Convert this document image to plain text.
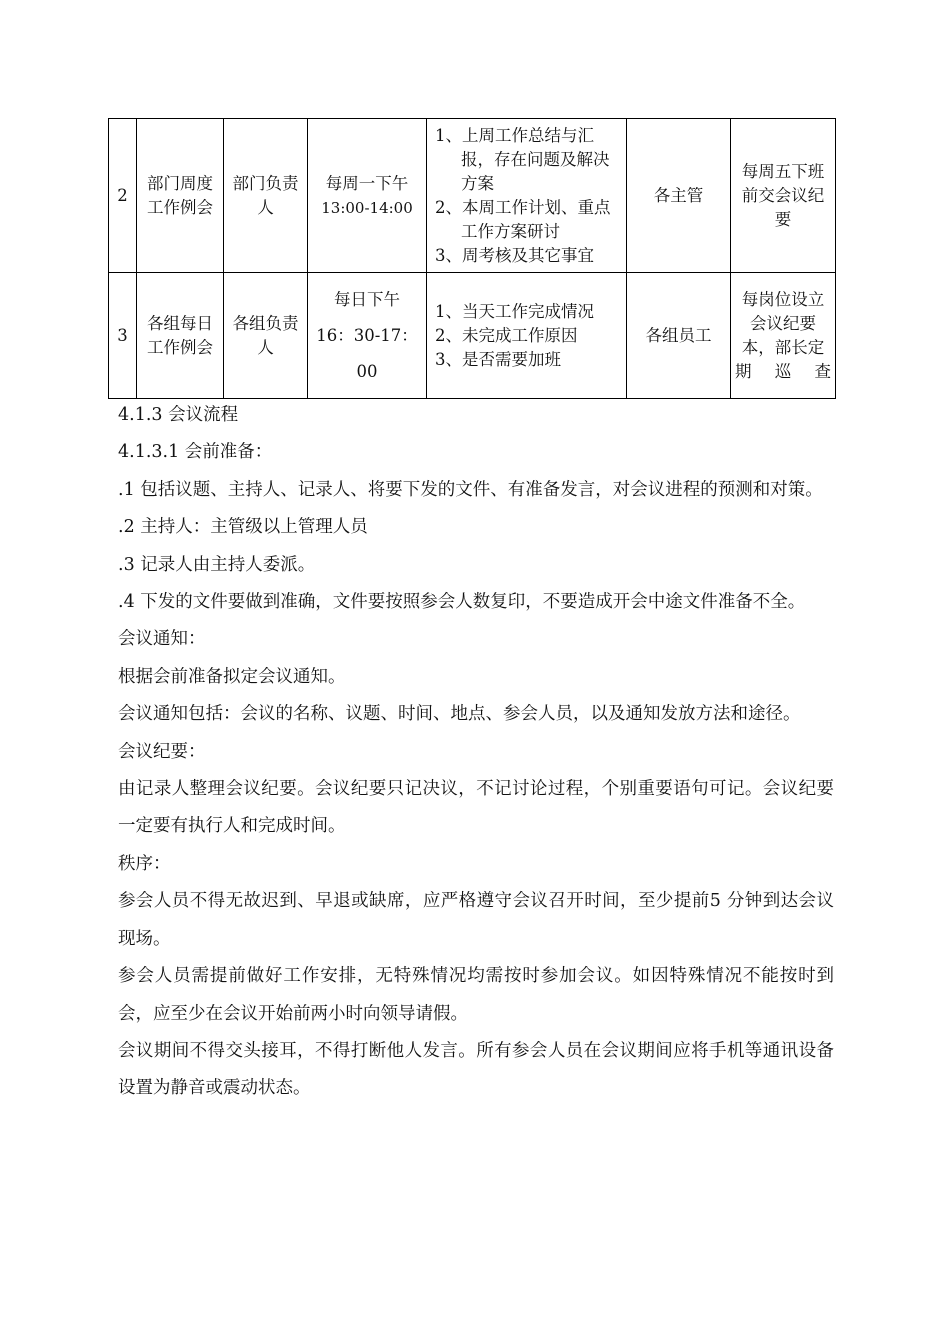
2	部门周度工作例会	部门负责人	每周一下午
13:00-14:00	1、上周工作总结与汇报，存在问题及解决方案
2、本周工作计划、重点工作方案研讨
3、周考核及其它事宜	各主管	每周五下班前交会议纪要
3	各组每日工作例会	各组负责人	每日下午
16：30-17：
00	1、当天工作完成情况
2、未完成工作原因
3、是否需要加班	各组员工	每岗位设立会议纪要本，部长定期巡查

4.1.3 会议流程

4.1.3.1 会前准备：

.1 包括议题、主持人、记录人、将要下发的文件、有准备发言，对会议进程的预测和对策。

.2 主持人：主管级以上管理人员

.3 记录人由主持人委派。

.4 下发的文件要做到准确，文件要按照参会人数复印，不要造成开会中途文件准备不全。

会议通知：

根据会前准备拟定会议通知。

会议通知包括：会议的名称、议题、时间、地点、参会人员，以及通知发放方法和途径。

会议纪要：

由记录人整理会议纪要。会议纪要只记决议，不记讨论过程，个别重要语句可记。会议纪要一定要有执行人和完成时间。

秩序：

参会人员不得无故迟到、早退或缺席，应严格遵守会议召开时间，至少提前5 分钟到达会议现场。

参会人员需提前做好工作安排，无特殊情况均需按时参加会议。如因特殊情况不能按时到会，应至少在会议开始前两小时向领导请假。

会议期间不得交头接耳，不得打断他人发言。所有参会人员在会议期间应将手机等通讯设备设置为静音或震动状态。
